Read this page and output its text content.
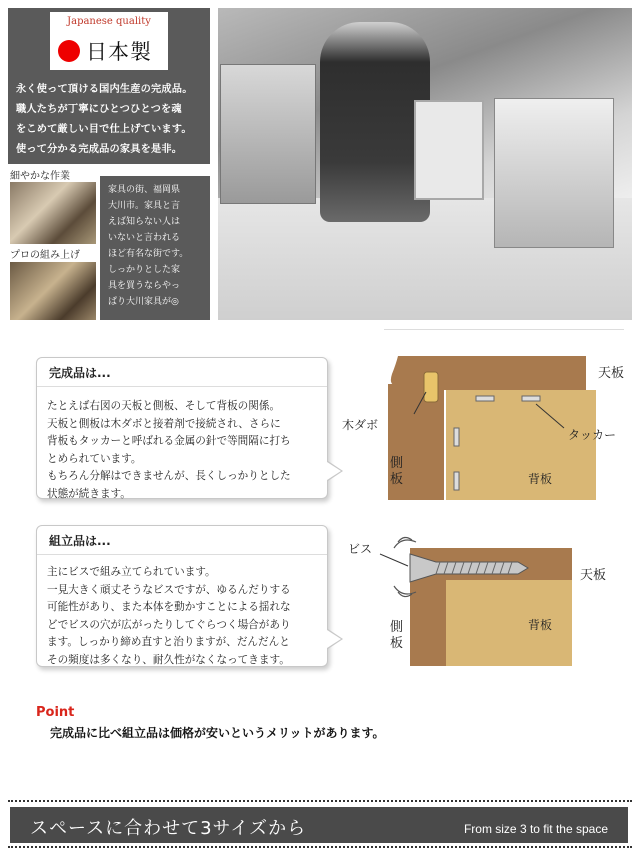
Japanese quality
日本製
永く使って頂ける国内生産の完成品。
職人たちが丁寧にひとつひとつを魂
をこめて厳しい目で仕上げています。
使って分かる完成品の家具を是非。
細やかな作業
プロの組み上げ
家具の街、福岡県
大川市。家具と言
えば知らない人は
いないと言われる
ほど有名な街です。
しっかりとした家
具を買うならやっ
ぱり大川家具が◎
完成品は...
たとえば右図の天板と側板、そして背板の関係。
天板と側板は木ダボと接着剤で接続され、さらに
背板もタッカーと呼ばれる金属の針で等間隔に打ち
とめられています。
もちろん分解はできませんが、長くしっかりとした
状態が続きます。
天板
木ダボ
タッカー
側
板	背板
組立品は...
主にビスで組み立てられています。
一見大きく頑丈そうなビスですが、ゆるんだりする
可能性があり、また本体を動かすことによる揺れな
どでビスの穴が広がったりしてぐらつく場合があり
ます。しっかり締め直すと治りますが、だんだんと
その頻度は多くなり、耐久性がなくなってきます。
ビス
天板
側
板
背板
Point
完成品に比べ組立品は価格が安いというメリットがあります。
スペースに合わせて3サイズから	From size 3 to fit the space
